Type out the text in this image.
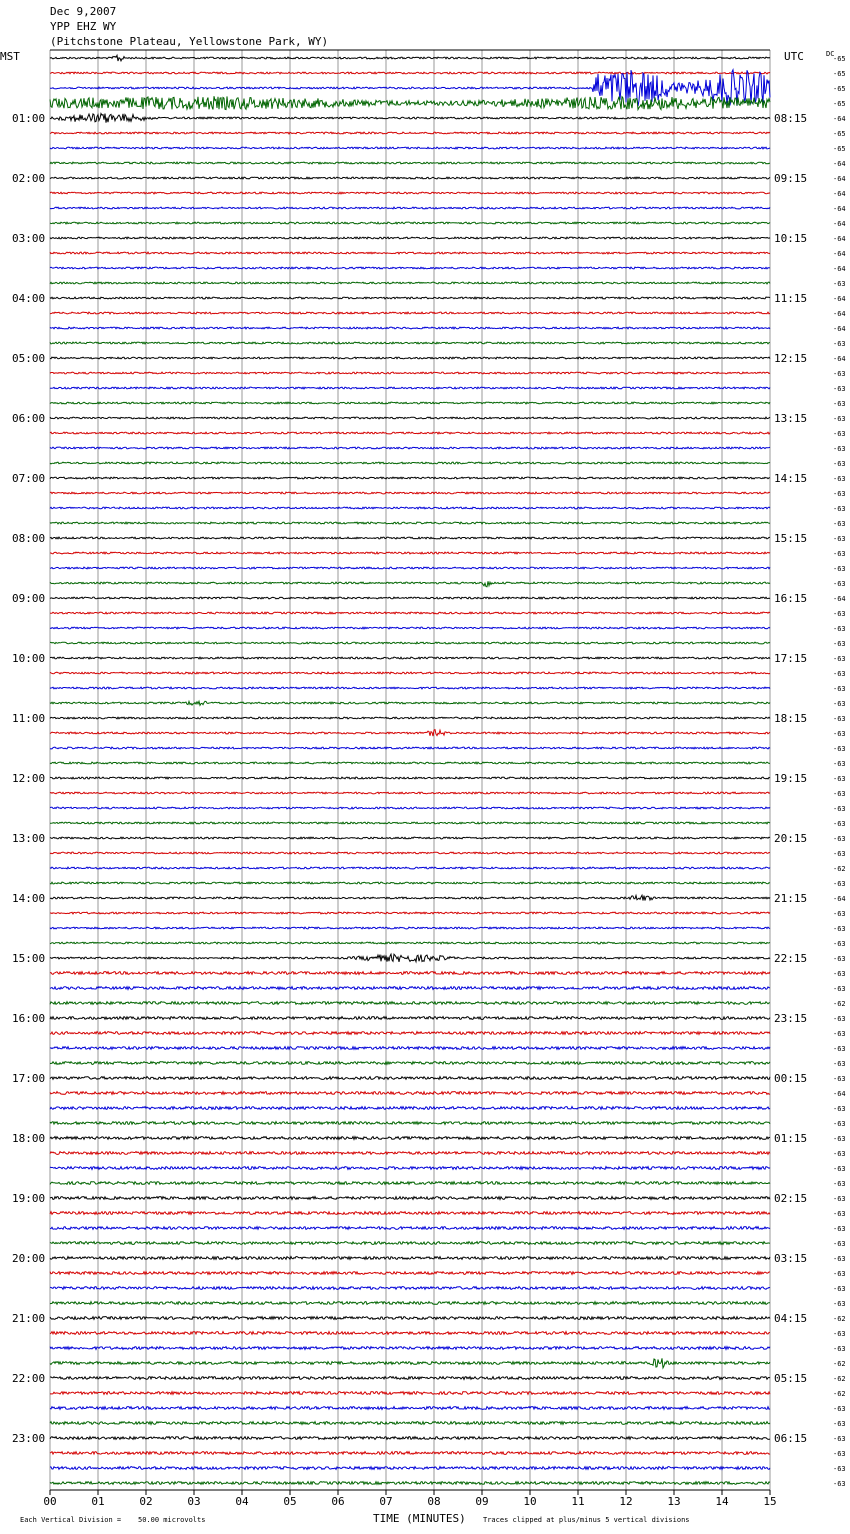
Dec 9,2007
YPP EHZ WY
(Pitchstone Plateau, Yellowstone Park, WY)
MST	UTC	DC
00	01	02	03	04	05	06	07	08	09	10	11	12	13	14	15
01:00
02:00
03:00
04:00
05:00
06:00
07:00
08:00
09:00
10:00
11:00
12:00
13:00
14:00
15:00
16:00
17:00
18:00
19:00
20:00
21:00
22:00
23:00
08:15
09:15
10:15
11:15
12:15
13:15
14:15
15:15
16:15
17:15
18:15
19:15
20:15
21:15
22:15
23:15
00:15
01:15
02:15
03:15
04:15
05:15
06:15
-65
-65
-65
-65
-64
-65
-65
-64
-64
-64
-64
-64
-64
-64
-64
-63
-64
-64
-64
-63
-64
-63
-63
-63
-63
-63
-63
-63
-63
-63
-63
-63
-63
-63
-63
-63
-64
-63
-63
-63
-63
-63
-63
-63
-63
-63
-63
-63
-63
-63
-63
-63
-63
-63
-62
-63
-64
-63
-63
-63
-63
-63
-63
-62
-63
-63
-63
-63
-63
-64
-63
-63
-63
-63
-63
-63
-63
-63
-63
-63
-63
-63
-63
-63
-62
-63
-63
-62
-62
-62
-63
-63
-63
-63
-63
-63
TIME (MINUTES)
Each Vertical Division =    50.00 microvolts	Traces clipped at plus/minus 5 vertical divisions
